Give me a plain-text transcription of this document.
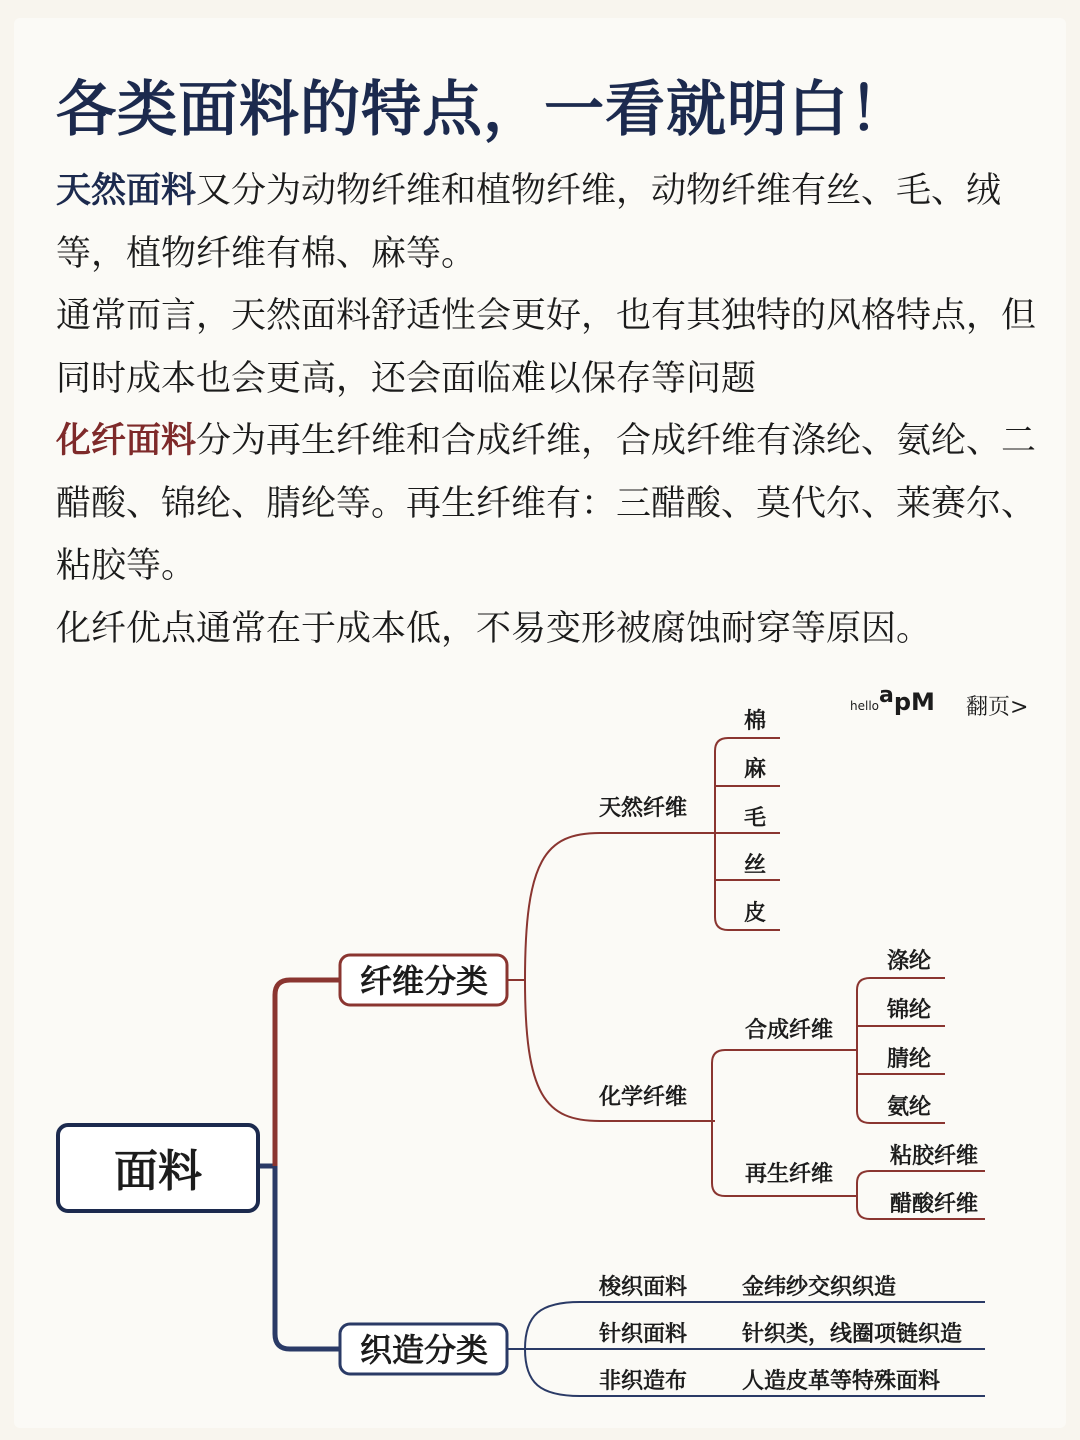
各类面料的特点，一看就明白！

天然面料又分为动物纤维和植物纤维，动物纤维有丝、毛、绒等，植物纤维有棉、麻等。

通常而言，天然面料舒适性会更好，也有其独特的风格特点，但同时成本也会更高，还会面临难以保存等问题

化纤面料分为再生纤维和合成纤维，合成纤维有涤纶、氨纶、二醋酸、锦纶、腈纶等。再生纤维有：三醋酸、莫代尔、莱赛尔、粘胶等。

化纤优点通常在于成本低，不易变形被腐蚀耐穿等原因。

hello a pM 翻页>
面料
纤维分类
织造分类
天然纤维
棉
麻
毛
丝
皮
化学纤维
合成纤维
再生纤维
涤纶
锦纶
腈纶
氨纶
粘胶纤维
醋酸纤维
梭织面料 金纬纱交织织造
针织面料 针织类，线圈项链织造
非织造布 人造皮革等特殊面料
